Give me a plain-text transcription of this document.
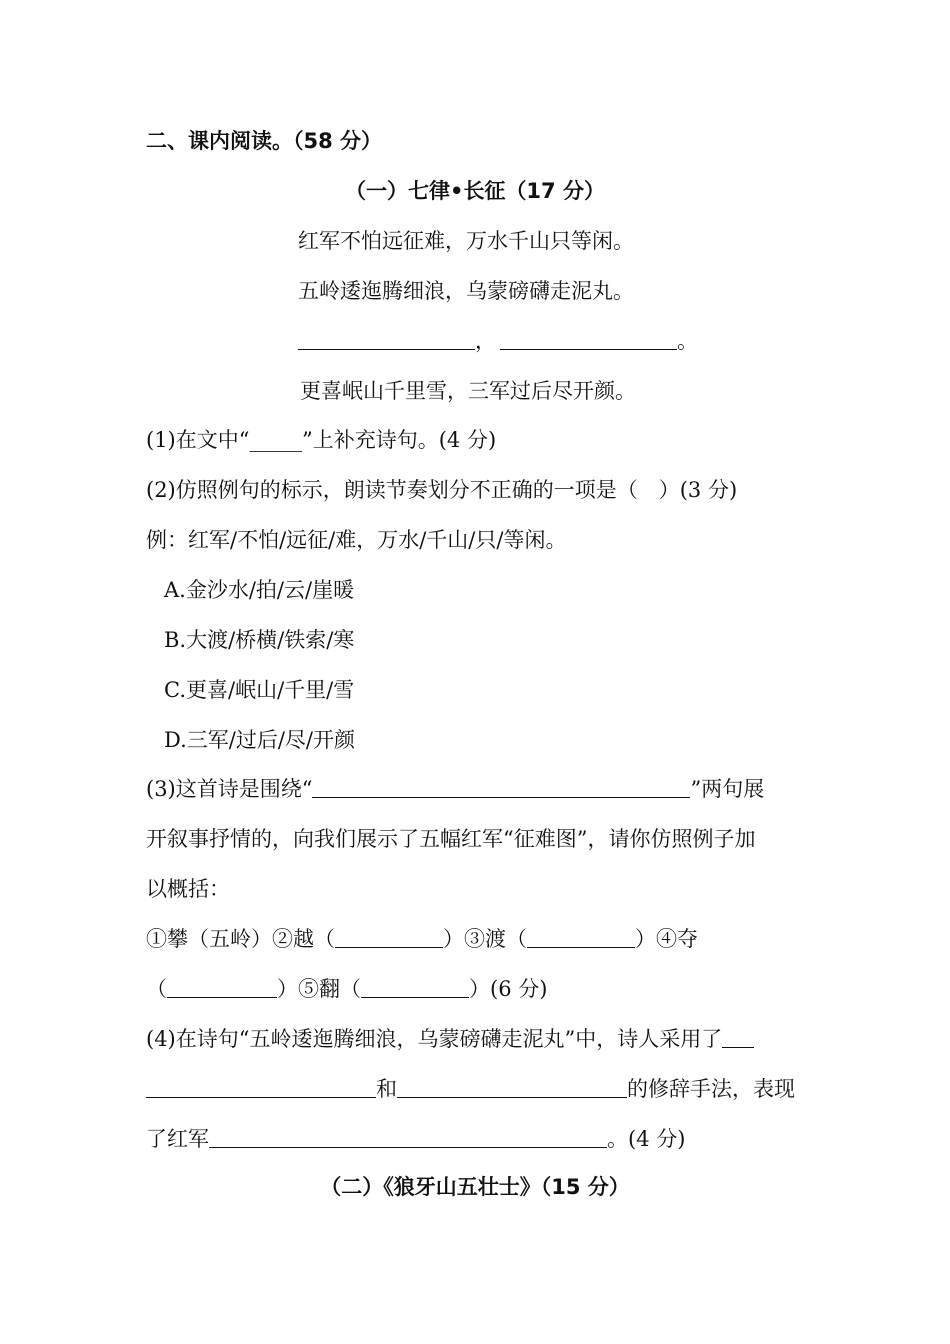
二、课内阅读。（58 分）
（一）七律•长征（17 分）
红军不怕远征难，万水千山只等闲。
五岭逶迤腾细浪，乌蒙磅礴走泥丸。
，	。
更喜岷山千里雪，三军过后尽开颜。
(1)在文中“_____”上补充诗句。(4 分)
(2)仿照例句的标示，朗读节奏划分不正确的一项是（　）(3 分)
例：红军/不怕/远征/难，万水/千山/只/等闲。
A.金沙水/拍/云/崖暖
B.大渡/桥横/铁索/寒
C.更喜/岷山/千里/雪
D.三军/过后/尽/开颜
(3)这首诗是围绕“	”两句展
开叙事抒情的，向我们展示了五幅红军“征难图”，请你仿照例子加
以概括：
①攀（五岭）②越（	）③渡（	）④夺
（	）⑤翻（	）(6 分)
(4)在诗句“五岭逶迤腾细浪，乌蒙磅礴走泥丸”中，诗人采用了
和	的修辞手法，表现
了红军	。(4 分)
（二）《狼牙山五壮士》（15 分）
